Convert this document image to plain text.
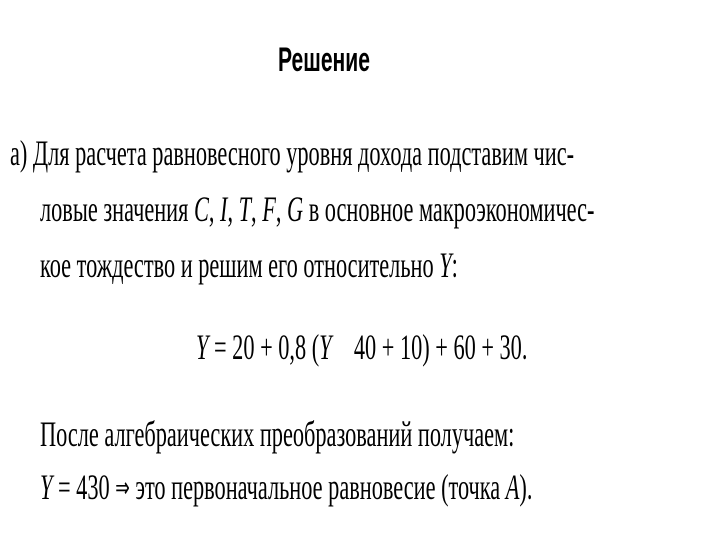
Решение
а) Для расчета равновесного уровня дохода подставим чис-
ловые значения C, I, T, F, G в основное макроэкономичес-
кое тождество и решим его относительно Y:
Y = 20 + 0,8 (Y 40 + 10) + 60 + 30.
После алгебраических преобразований получаем:
Y = 430 ⇒ это первоначальное равновесие (точка A).
